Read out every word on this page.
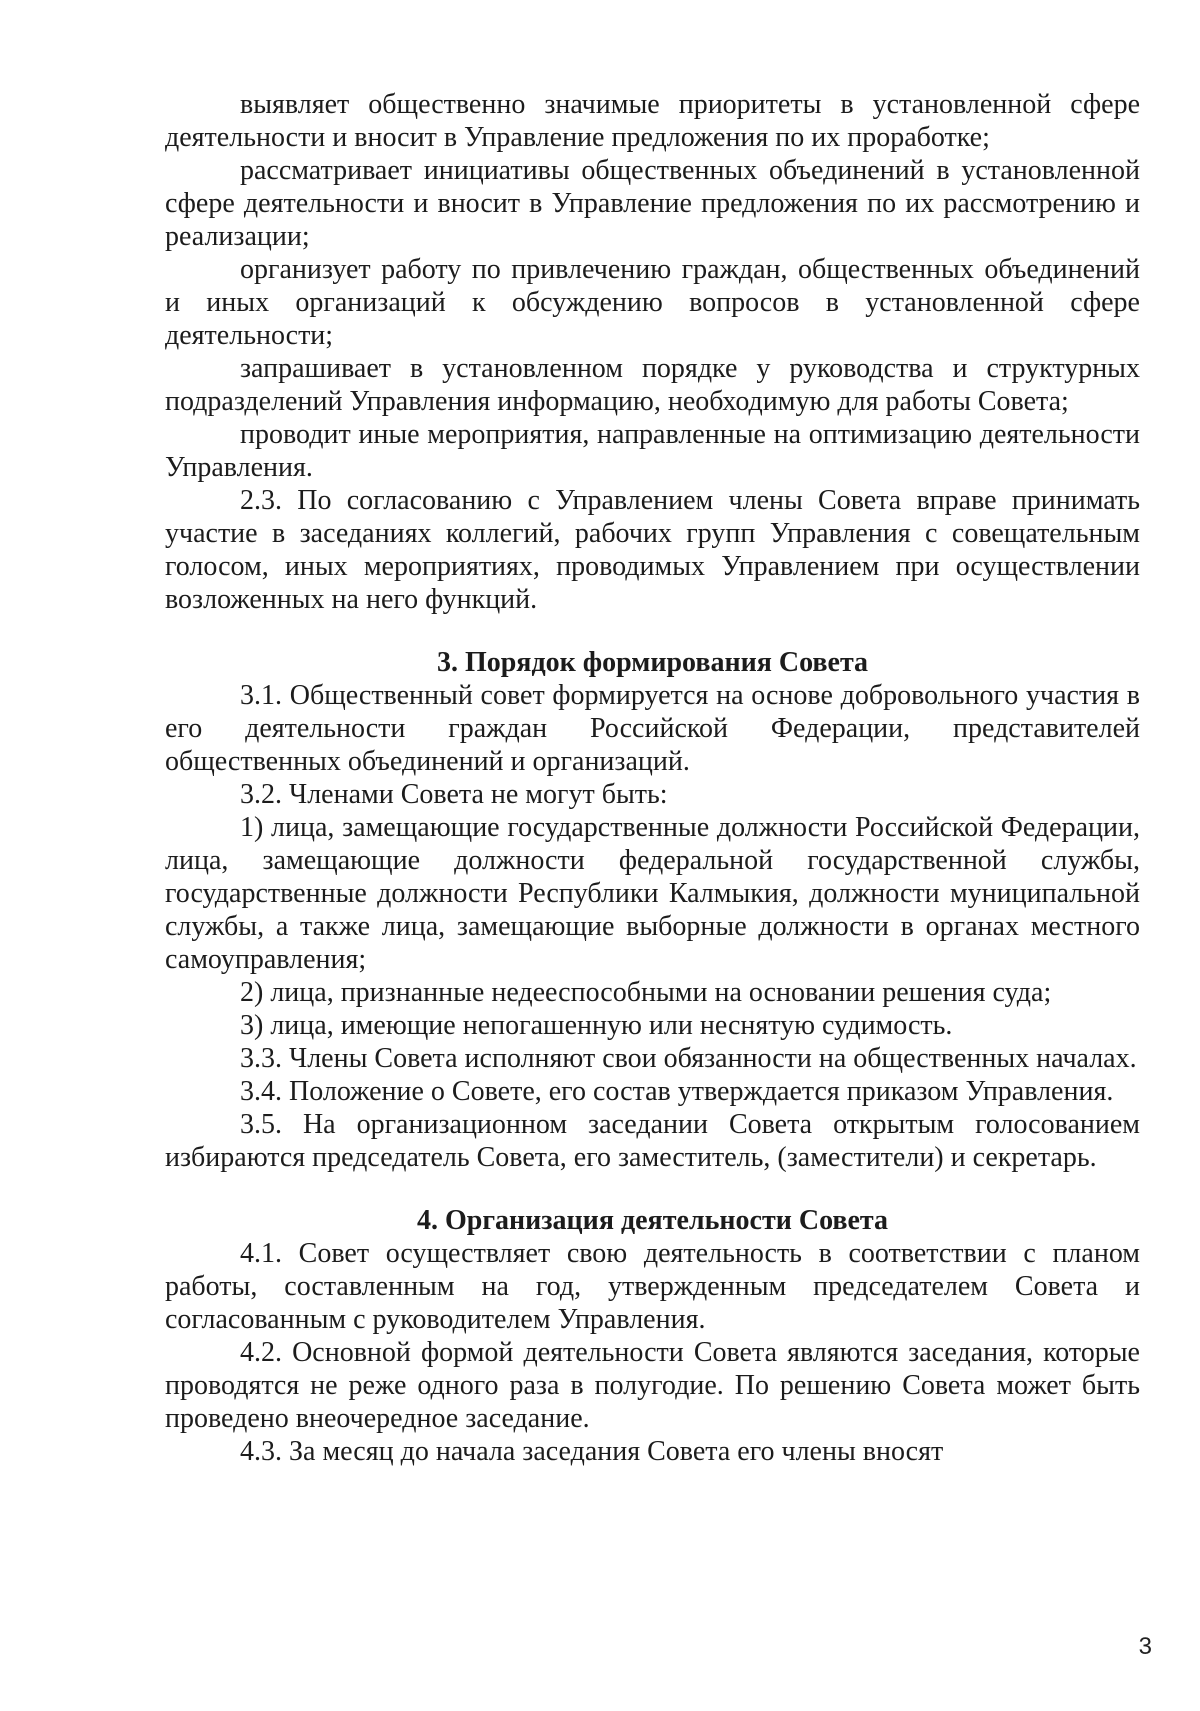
выявляет общественно значимые приоритеты в установленной сфере деятельности и вносит в Управление предложения по их проработке;

рассматривает инициативы общественных объединений в установленной сфере деятельности и вносит в Управление предложения по их рассмотрению и реализации;

организует работу по привлечению граждан, общественных объединений и иных организаций к обсуждению вопросов в установленной сфере деятельности;

запрашивает в установленном порядке у руководства и структурных подразделений Управления информацию, необходимую для работы Совета;

проводит иные мероприятия, направленные на оптимизацию деятельности Управления.

2.3. По согласованию с Управлением члены Совета вправе принимать участие в заседаниях коллегий, рабочих групп Управления с совещательным голосом, иных мероприятиях, проводимых Управлением при осуществлении возложенных на него функций.

3. Порядок формирования Совета

3.1. Общественный совет формируется на основе добровольного участия в его деятельности граждан Российской Федерации, представителей общественных объединений и организаций.

3.2. Членами Совета не могут быть:

1) лица, замещающие государственные должности Российской Федерации, лица, замещающие должности федеральной государственной службы, государственные должности Республики Калмыкия, должности муниципальной службы, а также лица, замещающие выборные должности в органах местного самоуправления;

2) лица, признанные недееспособными на основании решения суда;

3) лица, имеющие непогашенную или неснятую судимость.

3.3. Члены Совета исполняют свои обязанности на общественных началах.

3.4. Положение о Совете, его состав утверждается приказом Управления.

3.5. На организационном заседании Совета открытым голосованием избираются председатель Совета, его заместитель, (заместители) и секретарь.

4. Организация деятельности Совета

4.1. Совет осуществляет свою деятельность в соответствии с планом работы, составленным на год, утвержденным председателем Совета и согласованным с руководителем Управления.

4.2. Основной формой деятельности Совета являются заседания, которые проводятся не реже одного раза в полугодие. По решению Совета может быть проведено внеочередное заседание.

4.3. За месяц до начала заседания Совета его члены вносят

3
